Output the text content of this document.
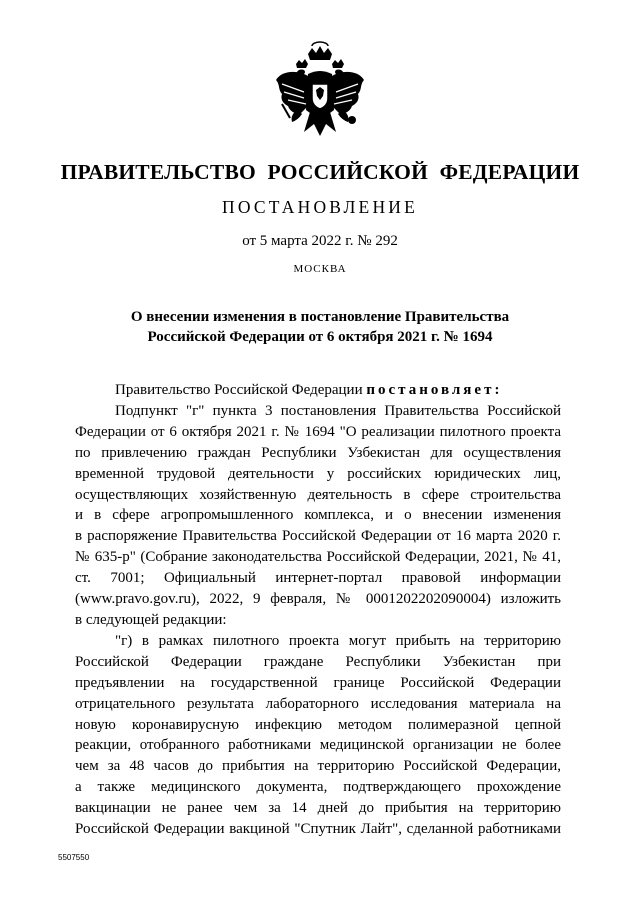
ПРАВИТЕЛЬСТВО РОССИЙСКОЙ ФЕДЕРАЦИИ
ПОСТАНОВЛЕНИЕ
от 5 марта 2022 г. № 292
МОСКВА
О внесении изменения в постановление Правительства
Российской Федерации от 6 октября 2021 г. № 1694
Правительство Российской Федерации постановляет:
Подпункт "г" пункта 3 постановления Правительства Российской
Федерации от 6 октября 2021 г. № 1694 "О реализации пилотного проекта
по привлечению граждан Республики Узбекистан для осуществления
временной трудовой деятельности у российских юридических лиц,
осуществляющих хозяйственную деятельность в сфере строительства
и в сфере агропромышленного комплекса, и о внесении изменения
в распоряжение Правительства Российской Федерации от 16 марта 2020 г.
№ 635-р" (Собрание законодательства Российской Федерации, 2021, № 41,
ст. 7001; Официальный интернет-портал правовой информации
(www.pravo.gov.ru), 2022, 9 февраля, № 0001202202090004) изложить
в следующей редакции:
"г) в рамках пилотного проекта могут прибыть на территорию
Российской Федерации граждане Республики Узбекистан при
предъявлении на государственной границе Российской Федерации
отрицательного результата лабораторного исследования материала на
новую коронавирусную инфекцию методом полимеразной цепной
реакции, отобранного работниками медицинской организации не более
чем за 48 часов до прибытия на территорию Российской Федерации,
а также медицинского документа, подтверждающего прохождение
вакцинации не ранее чем за 14 дней до прибытия на территорию
Российской Федерации вакциной "Спутник Лайт", сделанной работниками
5507550
